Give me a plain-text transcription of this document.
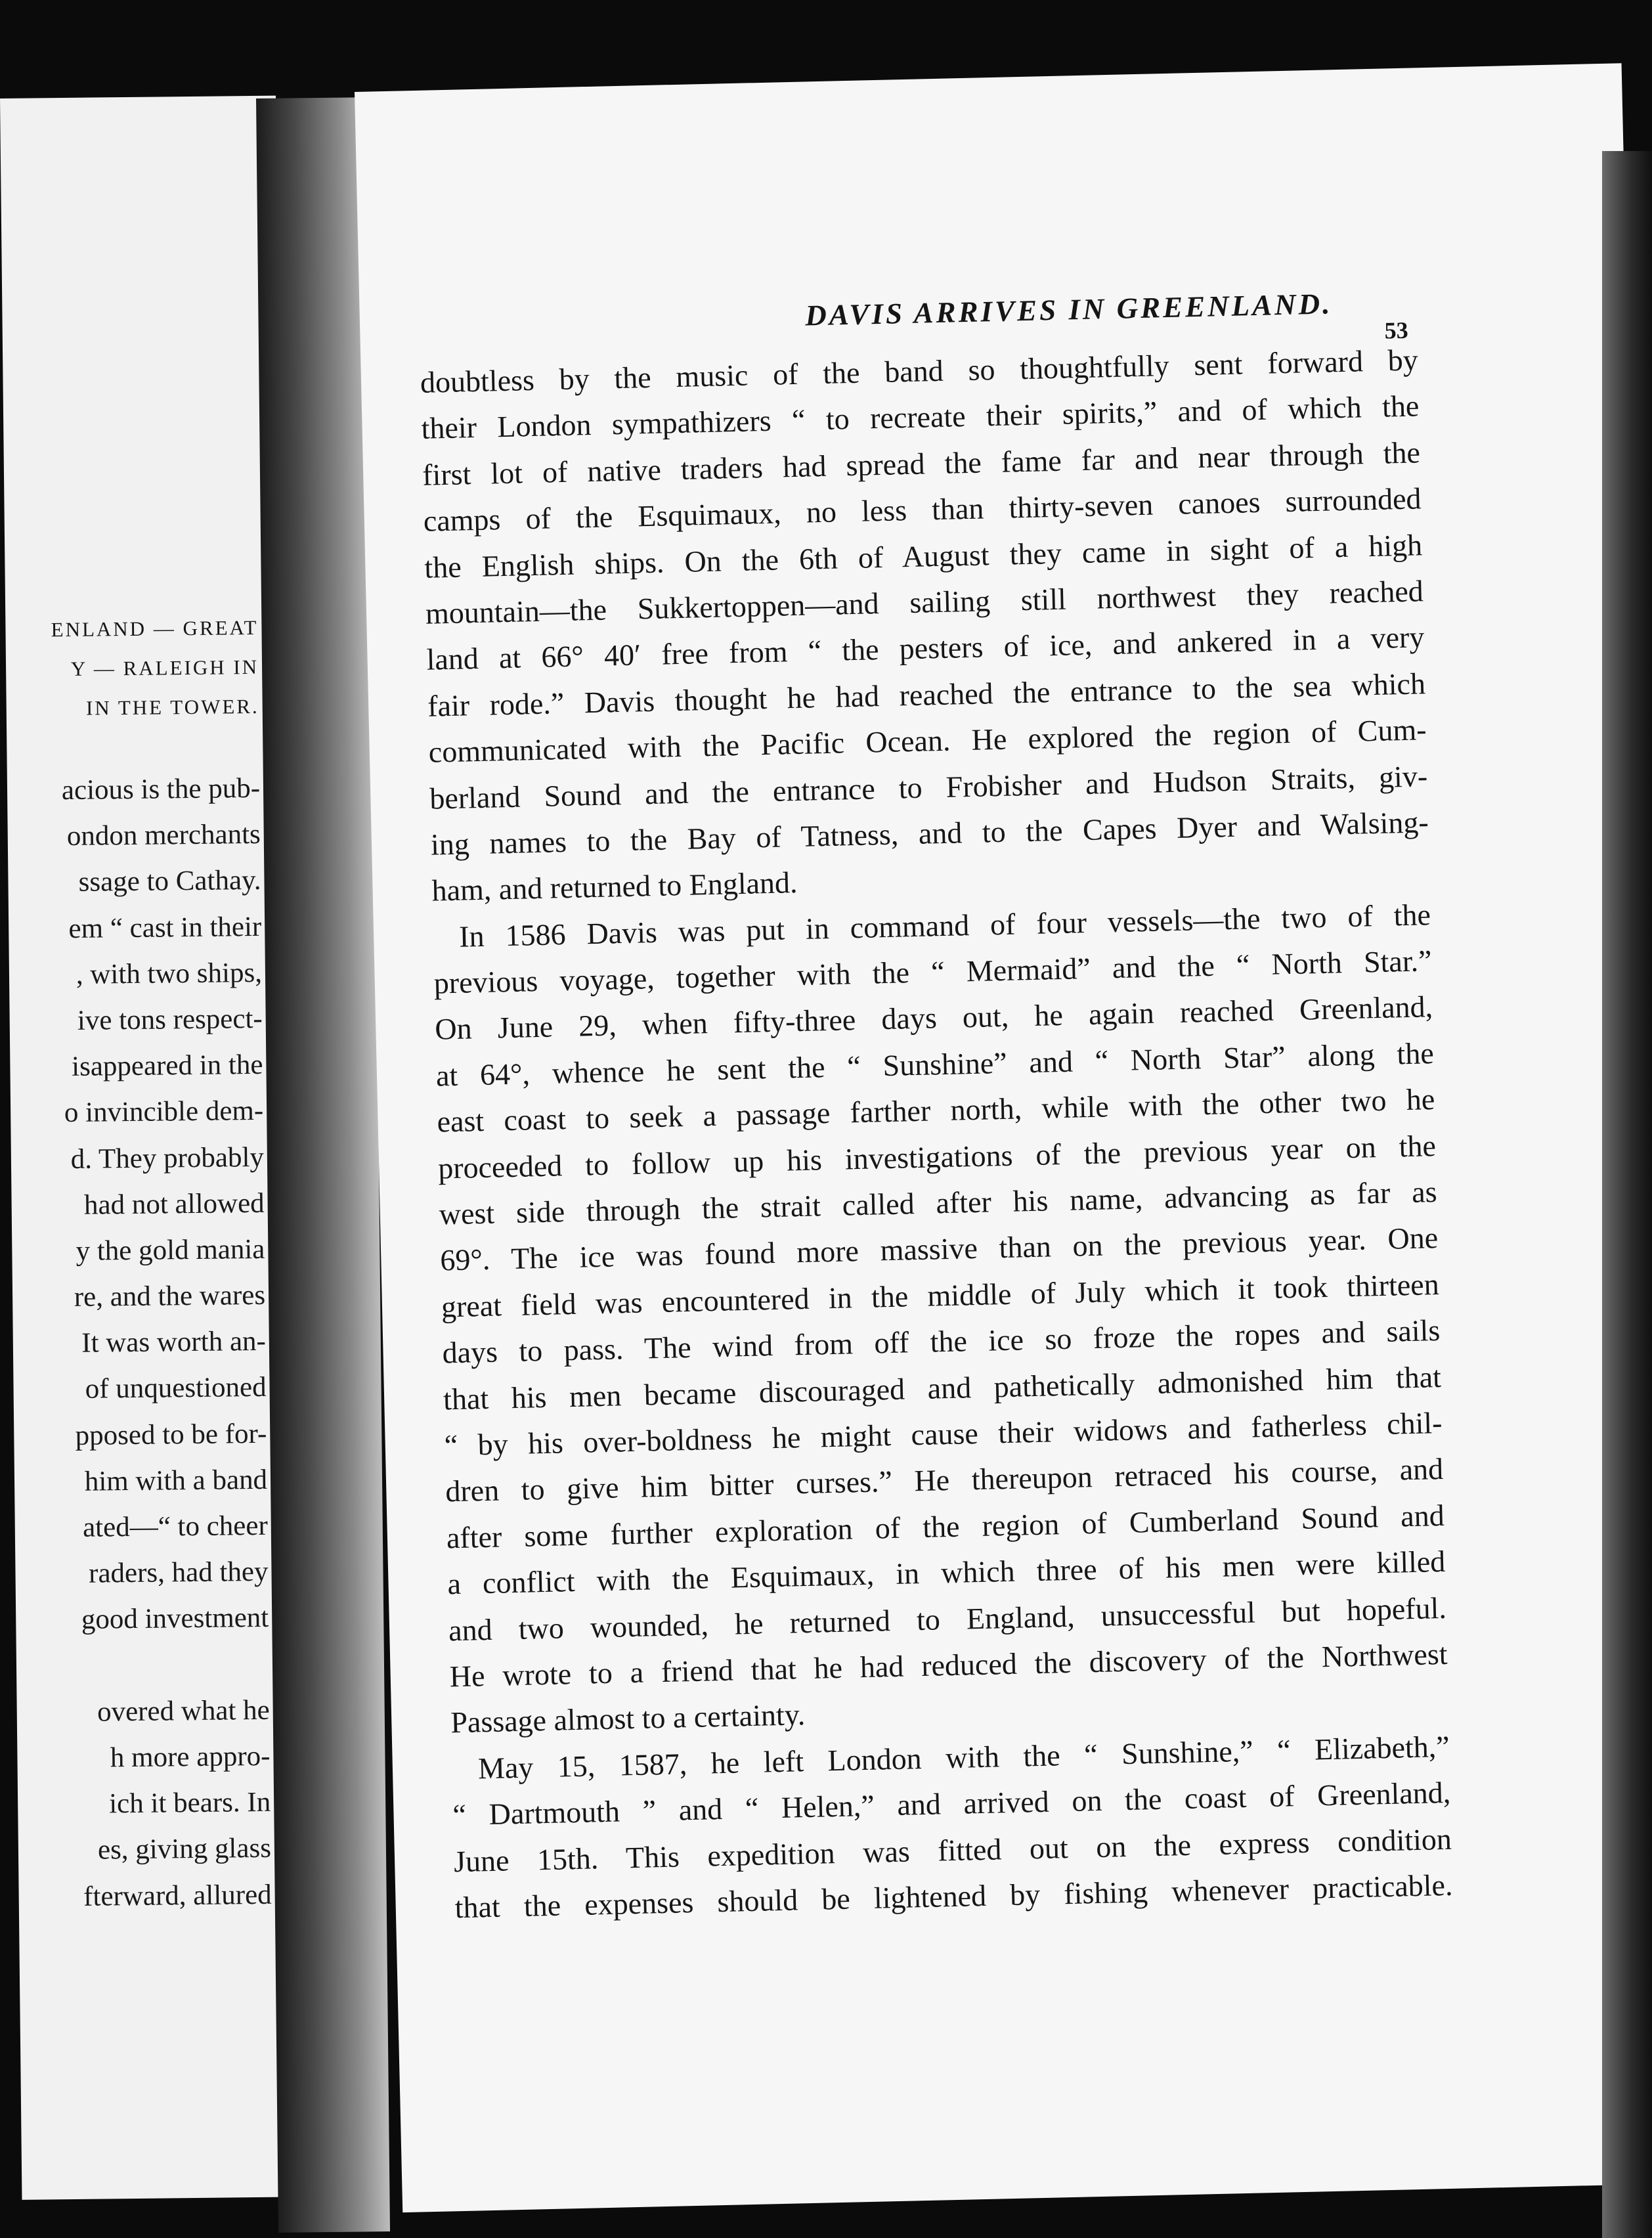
ENLAND — GREAT
Y — RALEIGH IN
IN THE TOWER.
acious is the pub-
ondon merchants
ssage to Cathay.
em “ cast in their
, with two ships,
ive tons respect-
isappeared in the
o invincible dem-
d. They probably
had not allowed
y the gold mania
re, and the wares
It was worth an-
of unquestioned
pposed to be for-
him with a band
ated—“ to cheer
raders, had they
good investment
overed what he
h more appro-
ich it bears. In
es, giving glass
fterward, allured
DAVIS ARRIVES IN GREENLAND.	53
doubtless by the music of the band so thoughtfully sent forward by
their London sympathizers “ to recreate their spirits,” and of which the
first lot of native traders had spread the fame far and near through the
camps of the Esquimaux, no less than thirty-seven canoes surrounded
the English ships. On the 6th of August they came in sight of a high
mountain—the Sukkertoppen—and sailing still northwest they reached
land at 66° 40′ free from “ the pesters of ice, and ankered in a very
fair rode.” Davis thought he had reached the entrance to the sea which
communicated with the Pacific Ocean. He explored the region of Cum-
berland Sound and the entrance to Frobisher and Hudson Straits, giv-
ing names to the Bay of Tatness, and to the Capes Dyer and Walsing-
ham, and returned to England.
In 1586 Davis was put in command of four vessels—the two of the
previous voyage, together with the “ Mermaid” and the “ North Star.”
On June 29, when fifty-three days out, he again reached Greenland,
at 64°, whence he sent the “ Sunshine” and “ North Star” along the
east coast to seek a passage farther north, while with the other two he
proceeded to follow up his investigations of the previous year on the
west side through the strait called after his name, advancing as far as
69°. The ice was found more massive than on the previous year. One
great field was encountered in the middle of July which it took thirteen
days to pass. The wind from off the ice so froze the ropes and sails
that his men became discouraged and pathetically admonished him that
“ by his over-boldness he might cause their widows and fatherless chil-
dren to give him bitter curses.” He thereupon retraced his course, and
after some further exploration of the region of Cumberland Sound and
a conflict with the Esquimaux, in which three of his men were killed
and two wounded, he returned to England, unsuccessful but hopeful.
He wrote to a friend that he had reduced the discovery of the Northwest
Passage almost to a certainty.
May 15, 1587, he left London with the “ Sunshine,” “ Elizabeth,”
“ Dartmouth ” and “ Helen,” and arrived on the coast of Greenland,
June 15th. This expedition was fitted out on the express condition
that the expenses should be lightened by fishing whenever practicable.
